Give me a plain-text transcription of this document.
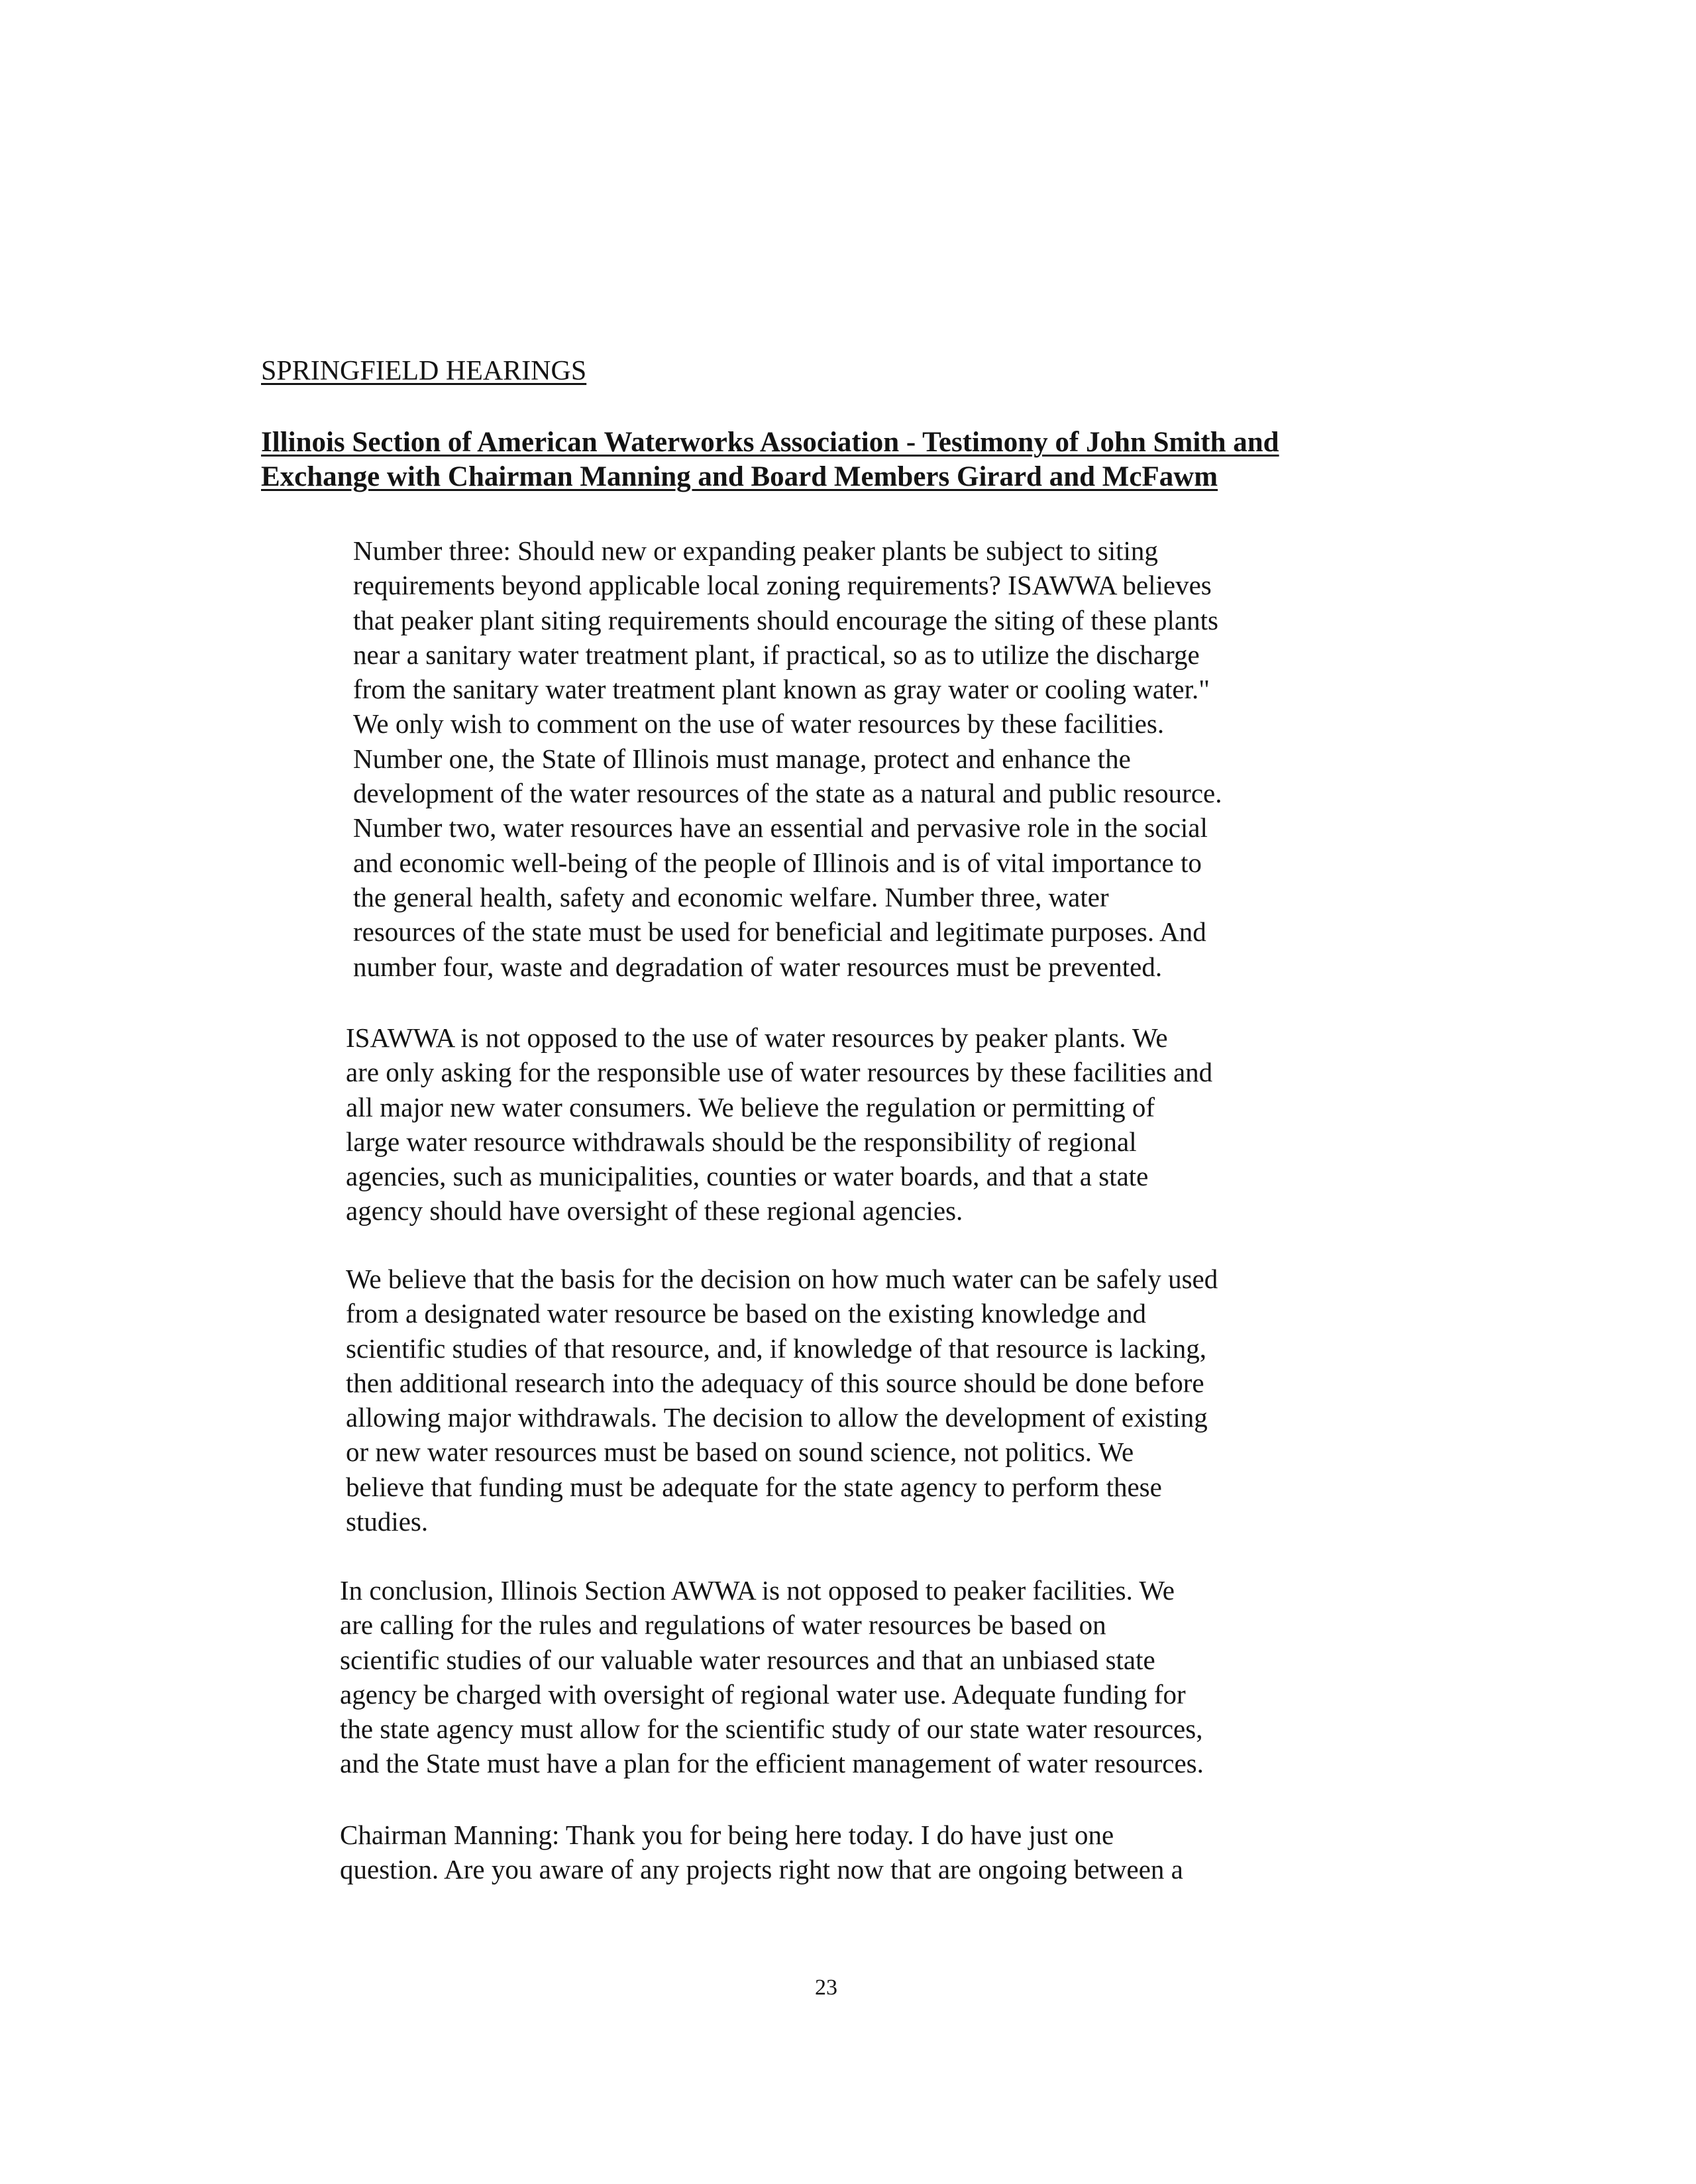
SPRINGFIELD HEARINGS
Illinois Section of American Waterworks Association - Testimony of John Smith and
Exchange with Chairman Manning and Board Members Girard and McFawm
Number three: Should new or expanding peaker plants be subject to siting
requirements beyond applicable local zoning requirements? ISAWWA believes
that peaker plant siting requirements should encourage the siting of these plants
near a sanitary water treatment plant, if practical, so as to utilize the discharge
from the sanitary water treatment plant known as gray water or cooling water."
We only wish to comment on the use of water resources by these facilities.
Number one, the State of Illinois must manage, protect and enhance the
development of the water resources of the state as a natural and public resource.
Number two, water resources have an essential and pervasive role in the social
and economic well-being of the people of Illinois and is of vital importance to
the general health, safety and economic welfare. Number three, water
resources of the state must be used for beneficial and legitimate purposes. And
number four, waste and degradation of water resources must be prevented.
ISAWWA is not opposed to the use of water resources by peaker plants. We
are only asking for the responsible use of water resources by these facilities and
all major new water consumers. We believe the regulation or permitting of
large water resource withdrawals should be the responsibility of regional
agencies, such as municipalities, counties or water boards, and that a state
agency should have oversight of these regional agencies.
We believe that the basis for the decision on how much water can be safely used
from a designated water resource be based on the existing knowledge and
scientific studies of that resource, and, if knowledge of that resource is lacking,
then additional research into the adequacy of this source should be done before
allowing major withdrawals. The decision to allow the development of existing
or new water resources must be based on sound science, not politics. We
believe that funding must be adequate for the state agency to perform these
studies.
In conclusion, Illinois Section AWWA is not opposed to peaker facilities. We
are calling for the rules and regulations of water resources be based on
scientific studies of our valuable water resources and that an unbiased state
agency be charged with oversight of regional water use. Adequate funding for
the state agency must allow for the scientific study of our state water resources,
and the State must have a plan for the efficient management of water resources.
Chairman Manning: Thank you for being here today. I do have just one
question. Are you aware of any projects right now that are ongoing between a
23
